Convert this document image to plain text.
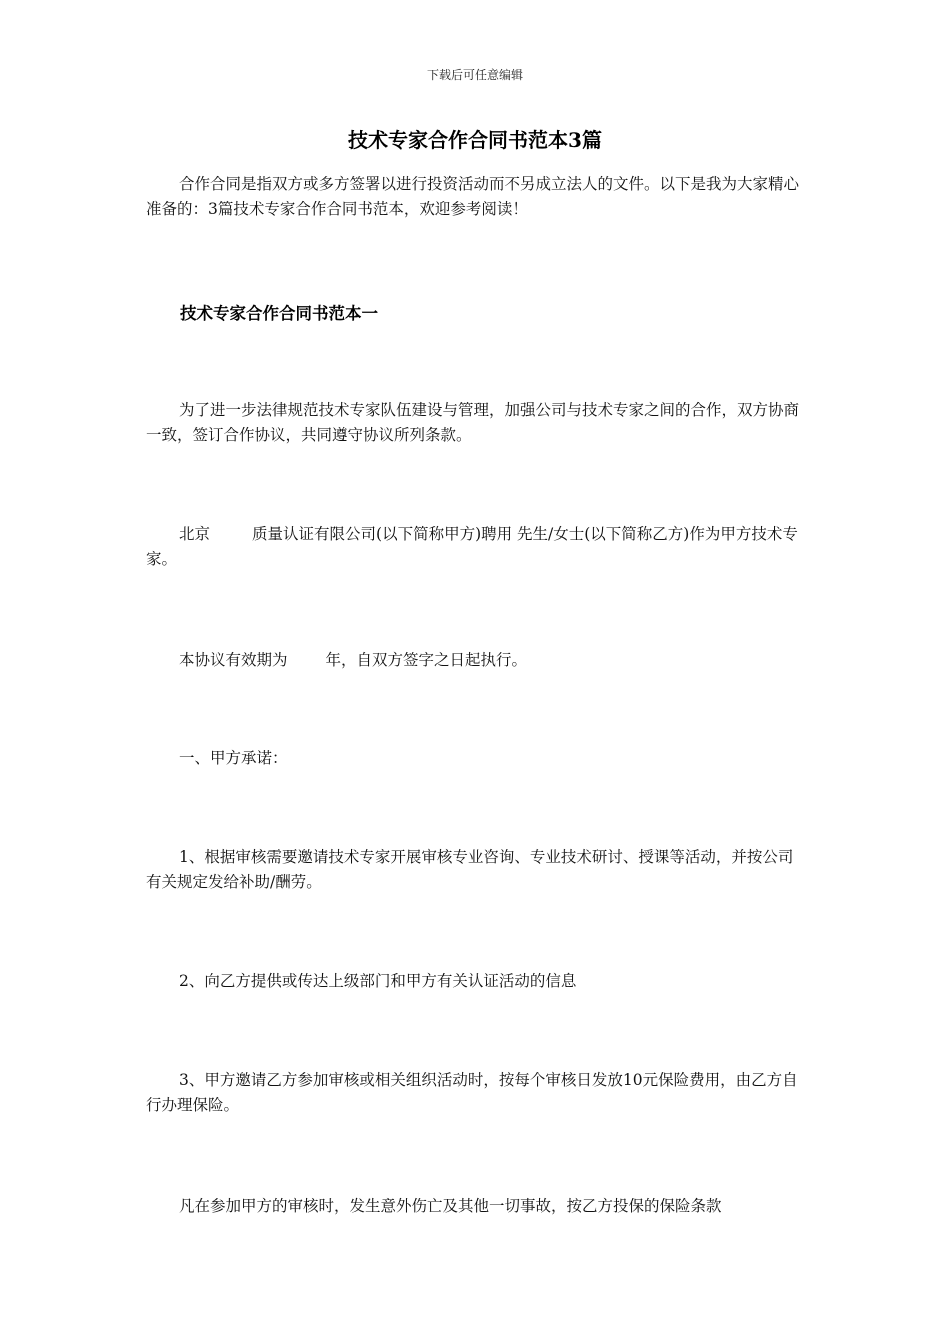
下载后可任意编辑
技术专家合作合同书范本3篇

合作合同是指双方或多方签署以进行投资活动而不另成立法人的文件。以下是我为大家精心准备的：3篇技术专家合作合同书范本，欢迎参考阅读！

技术专家合作合同书范本一

为了进一步法律规范技术专家队伍建设与管理，加强公司与技术专家之间的合作，双方协商一致，签订合作协议，共同遵守协议所列条款。

北京	质量认证有限公司(以下简称甲方)聘用 先生/女士(以下简称乙方)作为甲方技术专家。

本协议有效期为 年，自双方签字之日起执行。

一、甲方承诺：

1、根据审核需要邀请技术专家开展审核专业咨询、专业技术研讨、授课等活动，并按公司有关规定发给补助/酬劳。

2、向乙方提供或传达上级部门和甲方有关认证活动的信息

3、甲方邀请乙方参加审核或相关组织活动时，按每个审核日发放10元保险费用，由乙方自行办理保险。

凡在参加甲方的审核时，发生意外伤亡及其他一切事故，按乙方投保的保险条款
